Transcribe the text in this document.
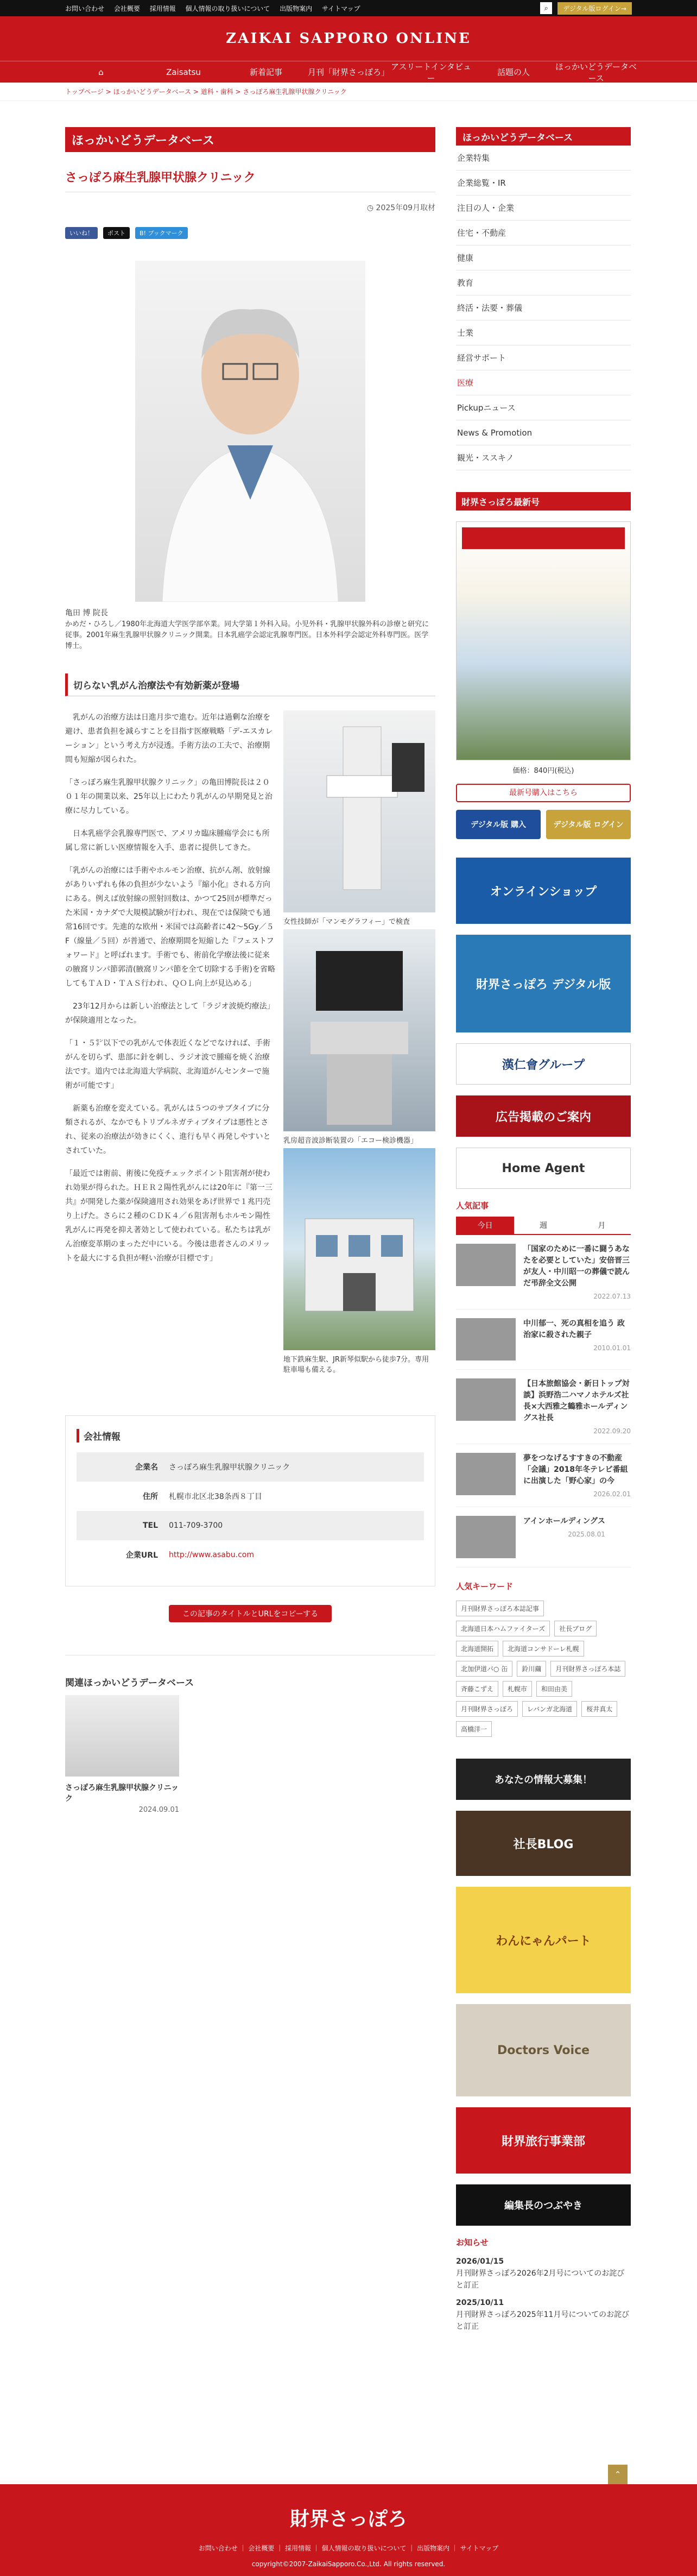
お問い合わせ 会社概要 採用情報 個人情報の取り扱いについて 出版物案内 サイトマップ	⌕	デジタル版ログイン→
ZAIKAI SAPPORO ONLINE
⌂	Zaisatsu	新着記事	月刊「財界さっぽろ」
アスリートインタビュー
話題の人
ほっかいどうデータベース
トップページ > ほっかいどうデータベース > 道科・歯科 > さっぽろ麻生乳腺甲状腺クリニック
ほっかいどうデータベース
さっぽろ麻生乳腺甲状腺クリニック
◷ 2025年09月取材
いいね！	ポスト	B! ブックマーク
亀田 博 院長
かめだ・ひろし／1980年北海道大学医学部卒業。同大学第１外科入局。小児外科・乳腺甲状腺外科の診療と研究に従事。2001年麻生乳腺甲状腺クリニック開業。日本乳癌学会認定乳腺専門医。日本外科学会認定外科専門医。医学博士。
切らない乳がん治療法や有効新薬が登場

　乳がんの治療方法は日進月歩で進む。近年は過剰な治療を避け、患者負担を減らすことを目指す医療戦略「デ-エスカレーション」という考え方が浸透。手術方法の工夫で、治療期間も短縮が図られた。

「さっぽろ麻生乳腺甲状腺クリニック」の亀田博院長は２００１年の開業以来、25年以上にわたり乳がんの早期発見と治療に尽力している。

　日本乳癌学会乳腺専門医で、アメリカ臨床腫瘍学会にも所属し常に新しい医療情報を入手、患者に提供してきた。

「乳がんの治療には手術やホルモン治療、抗がん剤、放射線がありいずれも体の負担が少ないよう『縮小化』される方向にある。例えば放射線の照射回数は、かつて25回が標準だった米国・カナダで大規模試験が行われ、現在では保険でも通常16回です。先進的な欧州・米国では高齢者に42～5Gy／５F（線量／５回）が普通で、治療期間を短縮した『フェストフォワード』と呼ばれます。手術でも、術前化学療法後に従来の腋窩リンパ節郭清(腋窩リンパ節を全て切除する手術)を省略してもＴＡＤ・ＴＡＳ行われ、ＱＯＬ向上が見込める」

　23年12月からは新しい治療法として「ラジオ波焼灼療法」が保険適用となった。

「１・５㌢以下での乳がんで体表近くなどでなければ、手術がんを切らず、患部に針を刺し、ラジオ波で腫瘍を焼く治療法です。道内では北海道大学病院、北海道がんセンターで施術が可能です」

　新薬も治療を変えている。乳がんは５つのサブタイプに分類されるが、なかでもトリプルネガティブタイプは悪性とされ、従来の治療法が効きにくく、進行も早く再発しやすいとされていた。

「最近では術前、術後に免疫チェックポイント阻害剤が使われ効果が得られた。ＨＥＲ２陽性乳がんには20年に『第一三共』が開発した薬が保険適用され効果をあげ世界で１兆円売り上げた。さらに２種のＣＤＫ４／６阻害剤もホルモン陽性乳がんに再発を抑え著効として使われている。私たちは乳がん治療変革期のまっただ中にいる。今後は患者さんのメリットを最大にする負担が軽い治療が目標です」

女性技師が「マンモグラフィー」で検査
乳房超音波診断装置の「エコー検診機器」
地下鉄麻生駅、JR新琴似駅から徒歩7分。専用駐車場も備える。
会社情報
企業名	さっぽろ麻生乳腺甲状腺クリニック
住所	札幌市北区北38条西８丁目
TEL	011-709-3700
企業URL	http://www.asabu.com
この記事のタイトルとURLをコピーする
関連ほっかいどうデータベース
さっぽろ麻生乳腺甲状腺クリニック
2024.09.01
ほっかいどうデータベース
企業特集
企業総覧・IR
注目の人・企業
住宅・不動産
健康
教育
終活・法要・葬儀
士業
経営サポート
医療
Pickupニュース
News & Promotion
観光・ススキノ
財界さっぽろ最新号
価格：840円(税込)
最新号購入はこちら
デジタル版 購入	デジタル版 ログイン
オンラインショップ
財界さっぽろ デジタル版
漢仁會グループ
広告掲載のご案内
Home Agent
人気記事
今日	週	月
「国家のために一番に闘うあなたを必要としていた」安倍晋三が友人・中川昭一の葬儀で読んだ弔辞全文公開
2022.07.13
中川郁一、死の真相を追う 政治家に殺された親子
2010.01.01
【日本旅館協会・新日トップ対談】浜野浩二ハマノホテルズ社長×大西雅之鶴雅ホールディングス社長
2022.09.20
夢をつなげるすすきの不動産「会議」2018年冬テレビ番組に出演した「野心家」の今
2026.02.01
アインホールディングス
2025.08.01
人気キーワード
月刊財界さっぽろ本誌記事
北海道日本ハムファイターズ	社長ブログ
北海道開拓	北海道コンサドーレ札幌
北加伊道パ○ 缶	鈴川繭	月刊財界さっぽろ本誌
斉藤こずえ	札幌市	和田由美
月刊財界さっぽろ	レバンガ北海道	桜井真太
高橋洋一
あなたの情報大募集！
社長BLOG
わんにゃんパート
Doctors Voice
財界旅行事業部
編集長のつぶやき
お知らせ
2026/01/15
月刊財界さっぽろ2026年2月号についてのお詫びと訂正
2025/10/11
月刊財界さっぽろ2025年11月号についてのお詫びと訂正
⌃
財界さっぽろ
お問い合わせ ｜ 会社概要 ｜ 採用情報 ｜ 個人情報の取り扱いについて ｜ 出版物案内 ｜ サイトマップ
copyright©2007-ZaikaiSapporo.Co.,Ltd. All rights reserved.
